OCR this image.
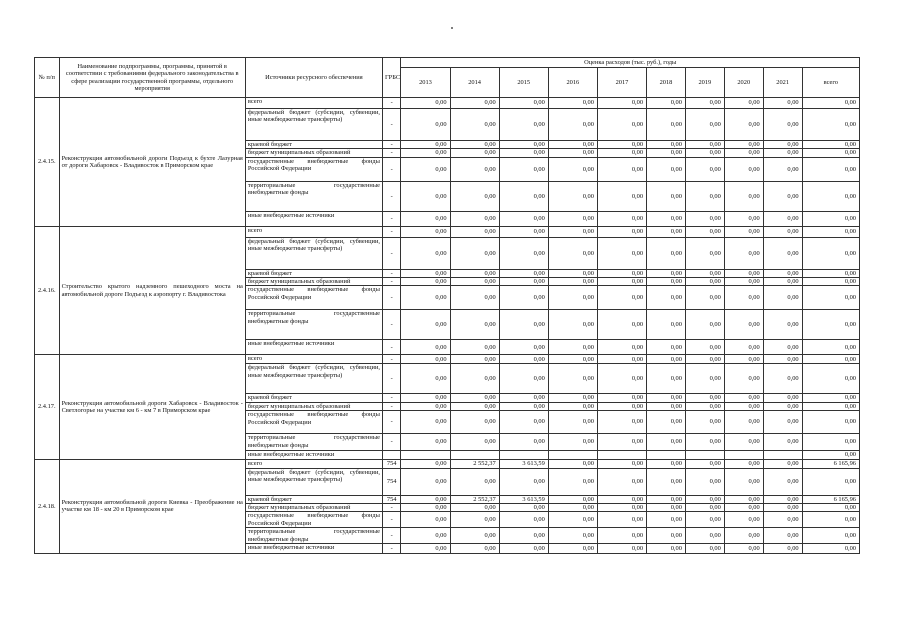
№ п/п	Наименование подпрограммы, программы, принятой в соответствии с требованиями федерального законодательства в сфере реализации государственной программы, отдельного мероприятия	Источники ресурсного обеспечения	ГРБС	Оценка расходов (тыс. руб.), годы									
				2013	2014	2015	2016	2017	2018	2019	2020	2021	всего
2.4.15.	Реконструкция автомобильной дороги Подъезд к бухте Лазурная от дороги Хабаровск - Владивосток в Приморском крае	всего	-	0,00	0,00	0,00	0,00	0,00	0,00	0,00	0,00	0,00	0,00
		федеральный бюджет (субсидии, субвенции, иные межбюджетные трансферты)	-	0,00	0,00	0,00	0,00	0,00	0,00	0,00	0,00	0,00	0,00
		краевой бюджет	-	0,00	0,00	0,00	0,00	0,00	0,00	0,00	0,00	0,00	0,00
		бюджет муниципальных образований	-	0,00	0,00	0,00	0,00	0,00	0,00	0,00	0,00	0,00	0,00
		государственные внебюджетные фонды Российской Федерации	-	0,00	0,00	0,00	0,00	0,00	0,00	0,00	0,00	0,00	0,00
		территориальные государственные внебюджетные фонды	-	0,00	0,00	0,00	0,00	0,00	0,00	0,00	0,00	0,00	0,00
		иные внебюджетные источники	-	0,00	0,00	0,00	0,00	0,00	0,00	0,00	0,00	0,00	0,00
2.4.16.	Строительство крытого надземного пешеходного моста на автомобильной дороге Подъезд к аэропорту г. Владивостока	всего	-	0,00	0,00	0,00	0,00	0,00	0,00	0,00	0,00	0,00	0,00
		федеральный бюджет (субсидии, субвенции, иные межбюджетные трансферты)	-	0,00	0,00	0,00	0,00	0,00	0,00	0,00	0,00	0,00	0,00
		краевой бюджет	-	0,00	0,00	0,00	0,00	0,00	0,00	0,00	0,00	0,00	0,00
		бюджет муниципальных образований	-	0,00	0,00	0,00	0,00	0,00	0,00	0,00	0,00	0,00	0,00
		государственные внебюджетные фонды Российской Федерации	-	0,00	0,00	0,00	0,00	0,00	0,00	0,00	0,00	0,00	0,00
		территориальные государственные внебюджетные фонды	-	0,00	0,00	0,00	0,00	0,00	0,00	0,00	0,00	0,00	0,00
		иные внебюджетные источники	-	0,00	0,00	0,00	0,00	0,00	0,00	0,00	0,00	0,00	0,00
2.4.17.	Реконструкция автомобильной дороги Хабаровск - Владивосток - Светлогорье на участке км 6 - км 7 в Приморском крае	всего	-	0,00	0,00	0,00	0,00	0,00	0,00	0,00	0,00	0,00	0,00
		федеральный бюджет (субсидии, субвенции, иные межбюджетные трансферты)	-	0,00	0,00	0,00	0,00	0,00	0,00	0,00	0,00	0,00	0,00
		краевой бюджет	-	0,00	0,00	0,00	0,00	0,00	0,00	0,00	0,00	0,00	0,00
		бюджет муниципальных образований	-	0,00	0,00	0,00	0,00	0,00	0,00	0,00	0,00	0,00	0,00
		государственные внебюджетные фонды Российской Федерации	-	0,00	0,00	0,00	0,00	0,00	0,00	0,00	0,00	0,00	0,00
		территориальные государственные внебюджетные фонды	-	0,00	0,00	0,00	0,00	0,00	0,00	0,00	0,00	0,00	0,00
		иные внебюджетные источники											0,00
2.4.18.	Реконструкция автомобильной дороги Киевка - Преображение на участке км 18 - км 20 в Приморском крае	всего	754	0,00	2 552,37	3 613,59	0,00	0,00	0,00	0,00	0,00	0,00	6 165,96
		федеральный бюджет (субсидии, субвенции, иные межбюджетные трансферты)	754	0,00	0,00	0,00	0,00	0,00	0,00	0,00	0,00	0,00	0,00
		краевой бюджет	754	0,00	2 552,37	3 613,59	0,00	0,00	0,00	0,00	0,00	0,00	6 165,96
		бюджет муниципальных образований	-	0,00	0,00	0,00	0,00	0,00	0,00	0,00	0,00	0,00	0,00
		государственные внебюджетные фонды Российской Федерации	-	0,00	0,00	0,00	0,00	0,00	0,00	0,00	0,00	0,00	0,00
		территориальные государственные внебюджетные фонды	-	0,00	0,00	0,00	0,00	0,00	0,00	0,00	0,00	0,00	0,00
		иные внебюджетные источники	-	0,00	0,00	0,00	0,00	0,00	0,00	0,00	0,00	0,00	0,00
